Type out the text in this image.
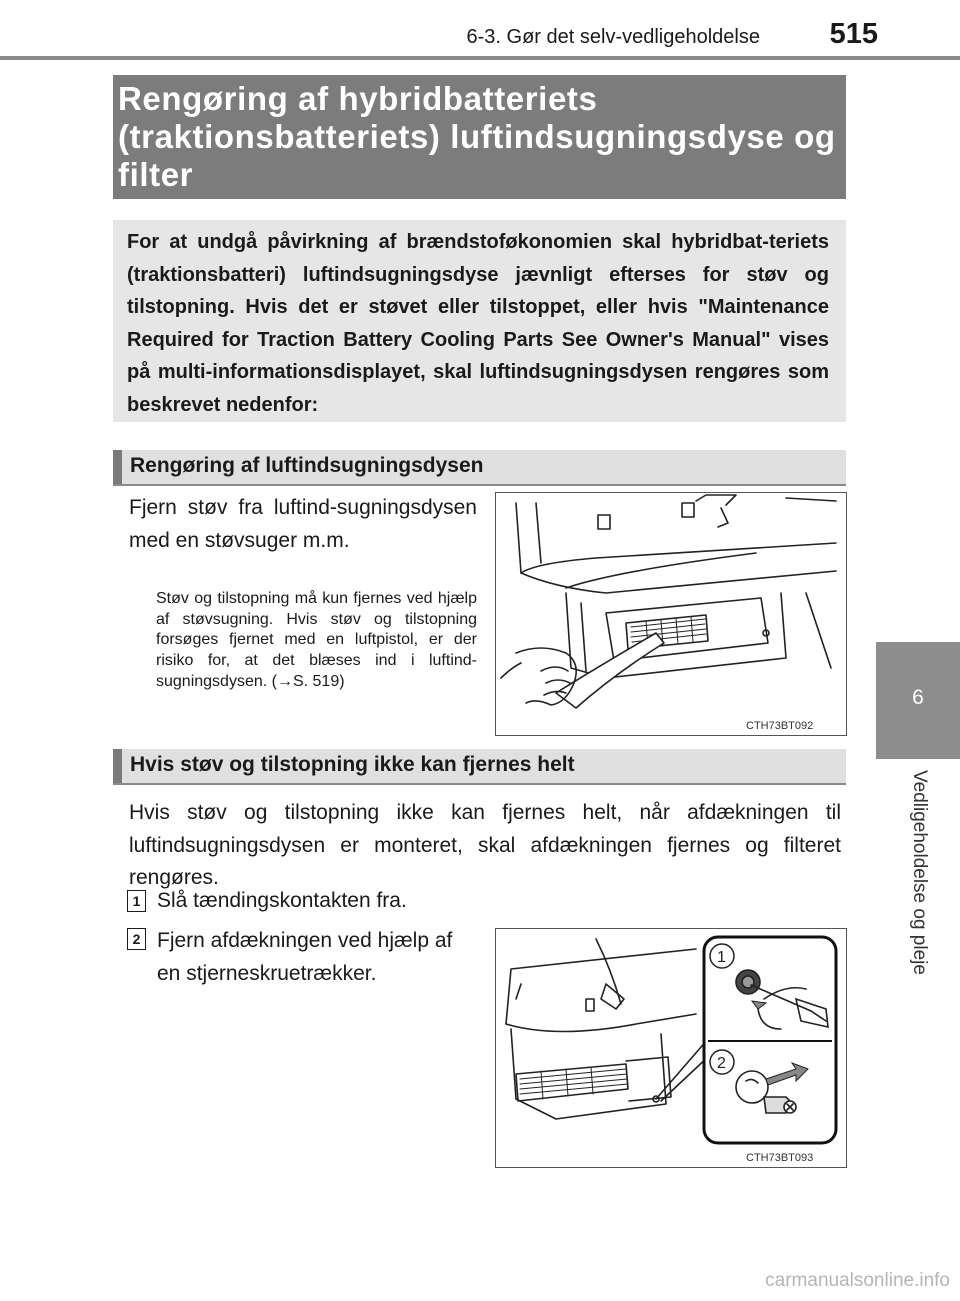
6-3. Gør det selv-vedligeholdelse	515
6
Vedligeholdelse og pleje
Rengøring af hybridbatteriets (traktionsbatteriets) luftindsugningsdyse og filter
For at undgå påvirkning af brændstoføkonomien skal hybridbat-teriets (traktionsbatteri) luftindsugningsdyse jævnligt efterses for støv og tilstopning. Hvis det er støvet eller tilstoppet, eller hvis "Maintenance Required for Traction Battery Cooling Parts See Owner's Manual" vises på multi-informationsdisplayet, skal luftindsugningsdysen rengøres som beskrevet nedenfor:
Rengøring af luftindsugningsdysen
Fjern støv fra luftind-sugningsdysen med en støvsuger m.m.
Støv og tilstopning må kun fjernes ved hjælp af støvsugning. Hvis støv og tilstopning forsøges fjernet med en luftpistol, er der risiko for, at det blæses ind i luftind-sugningsdysen. (→S. 519)
CTH73BT092
Hvis støv og tilstopning ikke kan fjernes helt
Hvis støv og tilstopning ikke kan fjernes helt, når afdækningen til luftindsugningsdysen er monteret, skal afdækningen fjernes og filteret rengøres.
1 Slå tændingskontakten fra.
2 Fjern afdækningen ved hjælp af en stjerneskruetrækker.
1
2
CTH73BT093
carmanualsonline.info
